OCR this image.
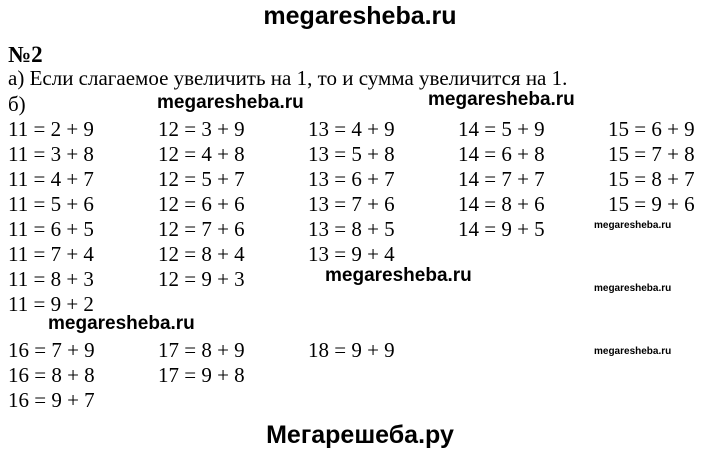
megaresheba.ru
№2
а) Если слагаемое увеличить на 1, то и сумма увеличится на 1.
б)
11 = 2 + 9
11 = 3 + 8
11 = 4 + 7
11 = 5 + 6
11 = 6 + 5
11 = 7 + 4
11 = 8 + 3
11 = 9 + 2
12 = 3 + 9
12 = 4 + 8
12 = 5 + 7
12 = 6 + 6
12 = 7 + 6
12 = 8 + 4
12 = 9 + 3
13 = 4 + 9
13 = 5 + 8
13 = 6 + 7
13 = 7 + 6
13 = 8 + 5
13 = 9 + 4
14 = 5 + 9
14 = 6 + 8
14 = 7 + 7
14 = 8 + 6
14 = 9 + 5
15 = 6 + 9
15 = 7 + 8
15 = 8 + 7
15 = 9 + 6
16 = 7 + 9
16 = 8 + 8
16 = 9 + 7
17 = 8 + 9
17 = 9 + 8
18 = 9 + 9
megaresheba.ru	megaresheba.ru
megaresheba.ru
megaresheba.ru
megaresheba.ru
megaresheba.ru
megaresheba.ru
Мегарешеба.ру
